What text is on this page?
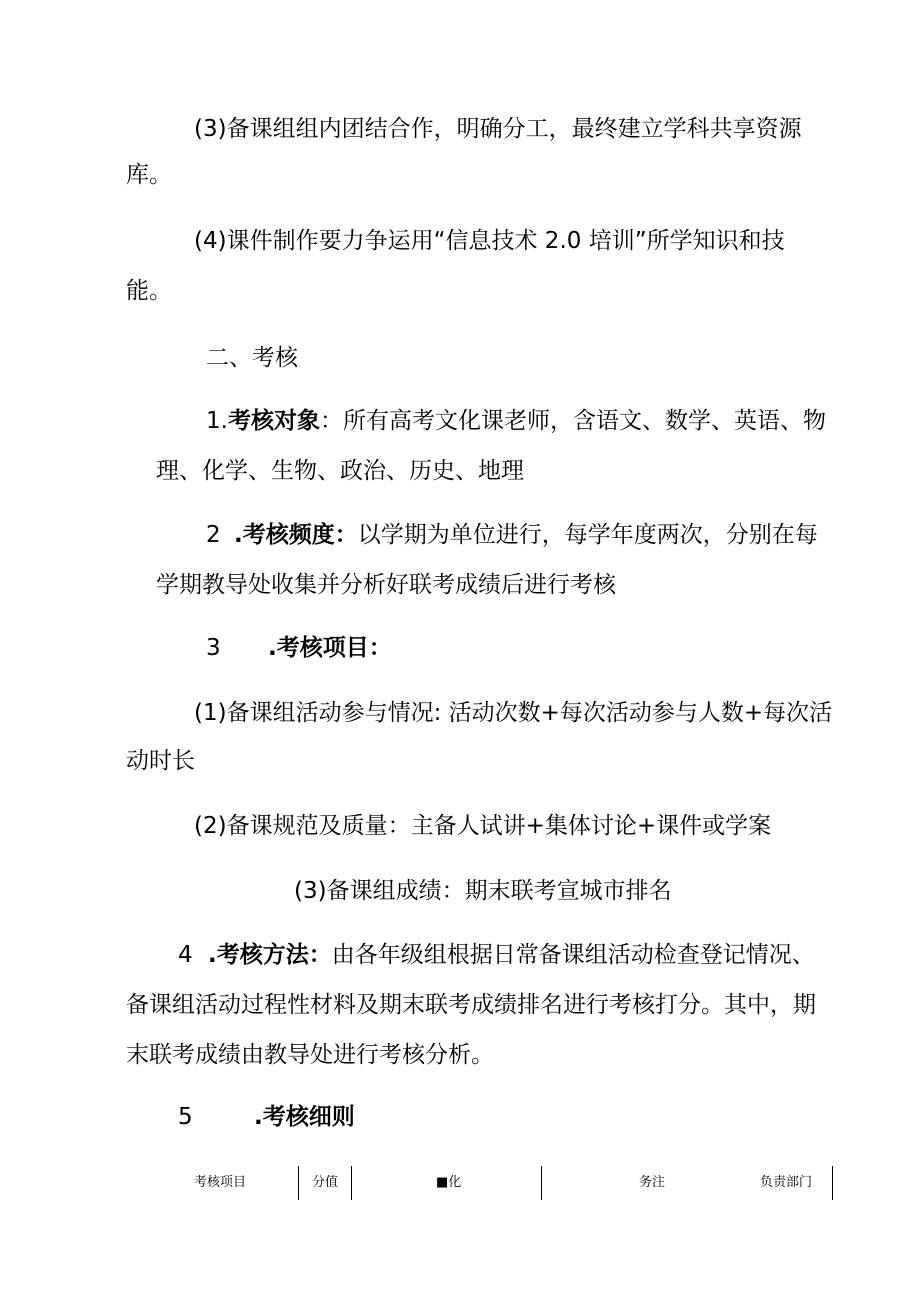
(3)备课组组内团结合作，明确分工，最终建立学科共享资源
库。
(4)课件制作要力争运用“信息技术 2.0 培训”所学知识和技
能。
二、考核
1.考核对象：所有高考文化课老师，含语文、数学、英语、物
理、化学、生物、政治、历史、地理
2 .考核频度：以学期为单位进行，每学年度两次，分别在每
学期教导处收集并分析好联考成绩后进行考核
3 .考核项目：
(1)备课组活动参与情况: 活动次数+每次活动参与人数+每次活
动时长
(2)备课规范及质量：主备人试讲+集体讨论+课件或学案
(3)备课组成绩：期末联考宣城市排名
4 .考核方法：由各年级组根据日常备课组活动检查登记情况、
备课组活动过程性材料及期末联考成绩排名进行考核打分。其中，期
末联考成绩由教导处进行考核分析。
5	.考核细则
考核项目	分值	■化	务注	负责部门
